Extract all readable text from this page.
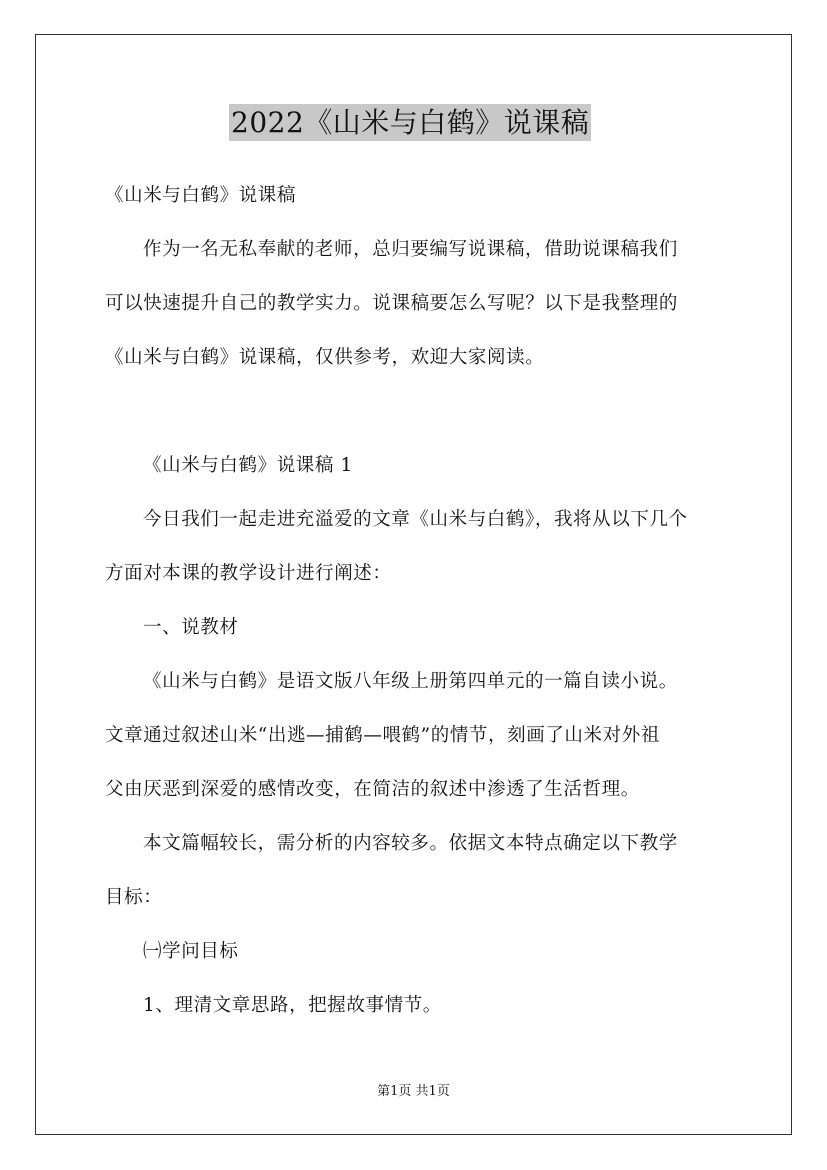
2022《山米与白鹤》说课稿
《山米与白鹤》说课稿
作为一名无私奉献的老师，总归要编写说课稿，借助说课稿我们
可以快速提升自己的教学实力。说课稿要怎么写呢？以下是我整理的
《山米与白鹤》说课稿，仅供参考，欢迎大家阅读。
《山米与白鹤》说课稿 1
今日我们一起走进充溢爱的文章《山米与白鹤》，我将从以下几个
方面对本课的教学设计进行阐述：
一、说教材
《山米与白鹤》是语文版八年级上册第四单元的一篇自读小说。
文章通过叙述山米“出逃—捕鹤—喂鹤”的情节，刻画了山米对外祖
父由厌恶到深爱的感情改变，在简洁的叙述中渗透了生活哲理。
本文篇幅较长，需分析的内容较多。依据文本特点确定以下教学
目标：
㈠学问目标
1、理清文章思路，把握故事情节。
第1页 共1页
